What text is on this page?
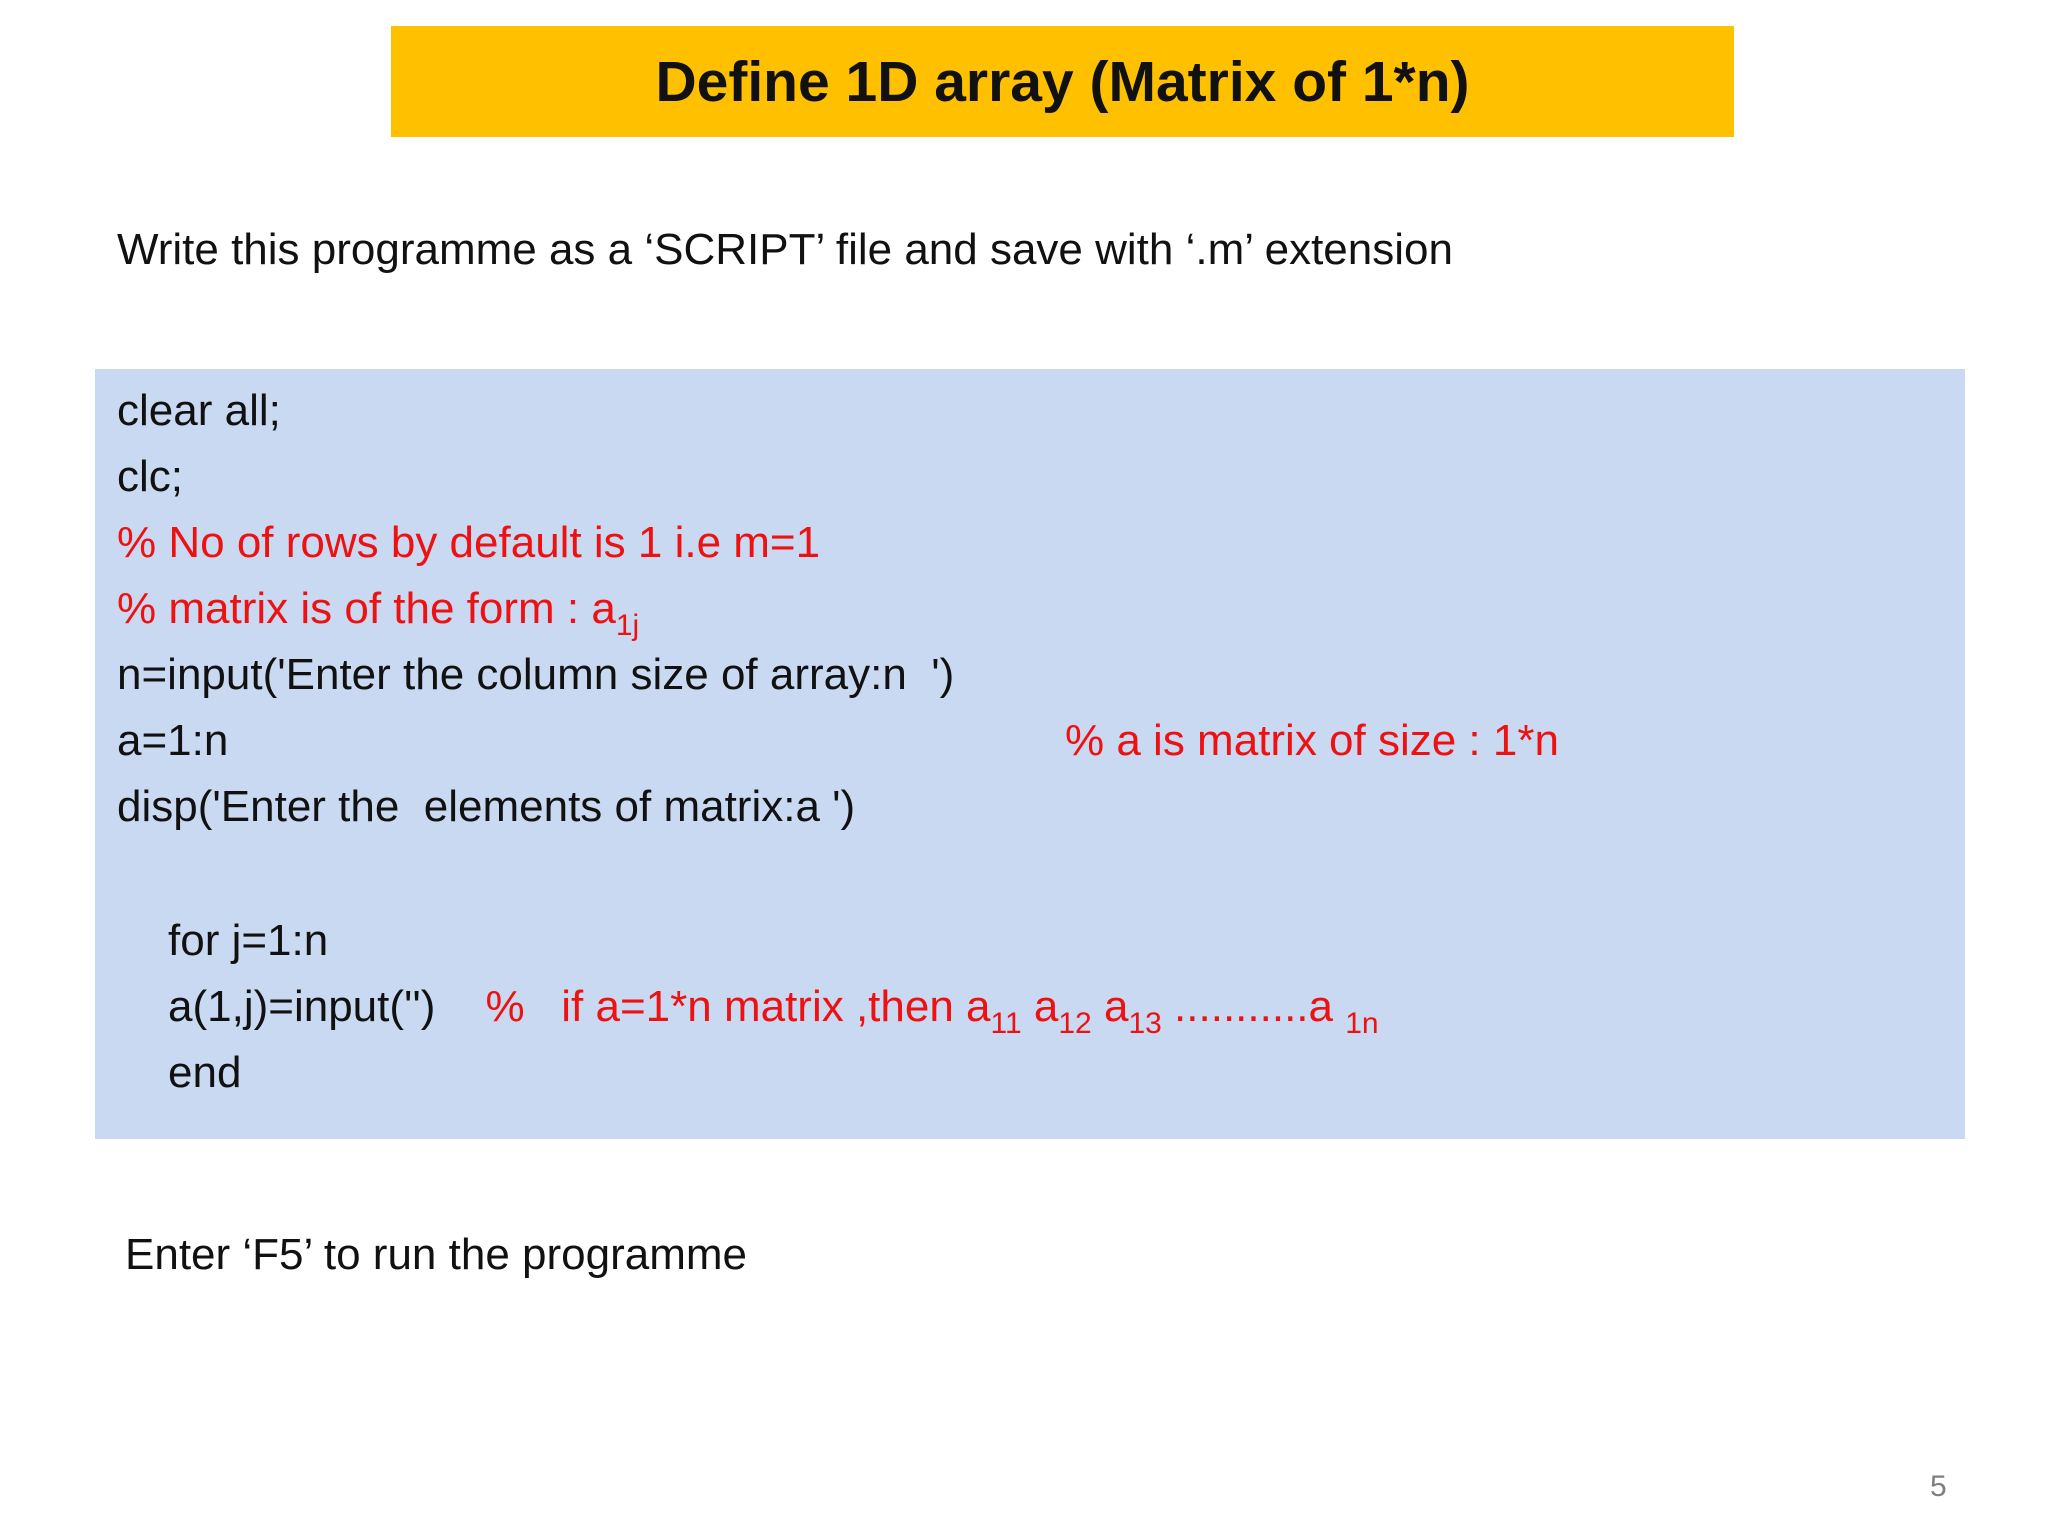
Define 1D array (Matrix of 1*n)
Write this programme as a ‘SCRIPT’ file and save with ‘.m’ extension
clear all;
clc;
% No of rows by default is 1 i.e m=1
% matrix is of the form : $a_{1j}$
n=input('Enter the column size of array:n  ')
a=1:n	% a is matrix of size : 1*n
disp('Enter the  elements of matrix:a ')
for j=1:n
a(1,j)=input('') %   if a=1*n matrix ,then $a_{11}$ $a_{12}$ $a_{13}$ ...........a $_{1n}$
end
Enter ‘F5’ to run the programme
5
